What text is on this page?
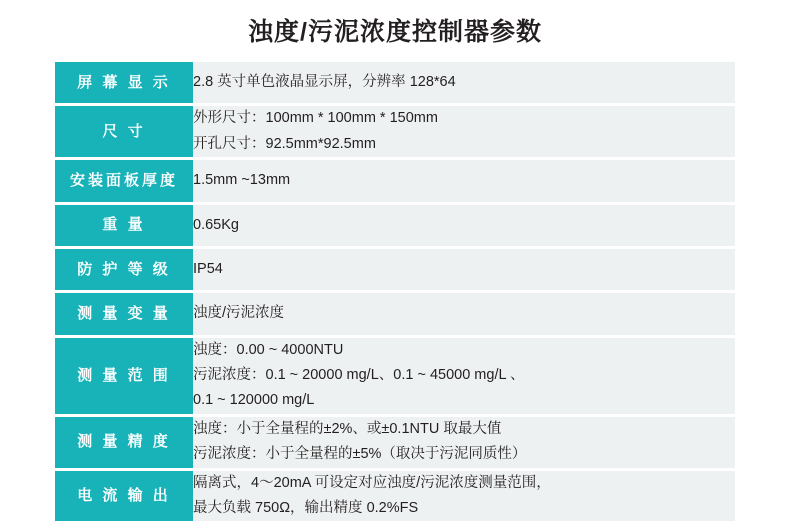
浊度/污泥浓度控制器参数
屏 幕 显 示	2.8 英寸单色液晶显示屏，分辨率 128*64

尺 寸	外形尺寸：100mm * 100mm * 150mm
开孔尺寸：92.5mm*92.5mm

安装面板厚度	1.5mm ~13mm

重 量	0.65Kg

防 护 等 级	IP54

测 量 变 量	浊度/污泥浓度

测 量 范 围	浊度：0.00 ~ 4000NTU
污泥浓度：0.1 ~ 20000 mg/L、0.1 ~ 45000 mg/L 、
0.1 ~ 120000 mg/L

测 量 精 度	浊度：小于全量程的±2%、或±0.1NTU 取最大值
污泥浓度：小于全量程的±5%（取决于污泥同质性）

电 流 输 出	隔离式，4～20mA 可设定对应浊度/污泥浓度测量范围，
最大负载 750Ω，输出精度 0.2%FS
